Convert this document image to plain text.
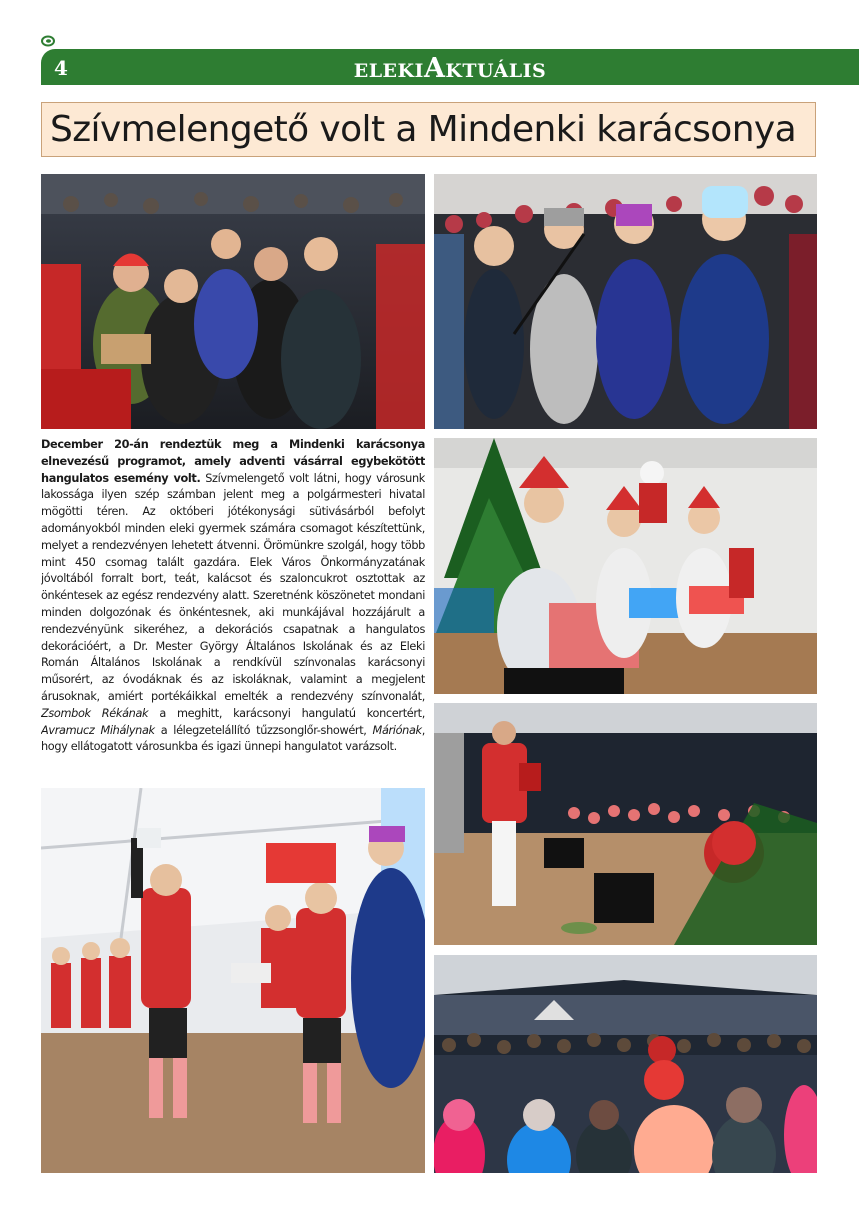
4	ELEKIAKTUÁLIS
Szívmelengető volt a Mindenki karácsonya
December 20-án rendeztük meg a Mindenki karácsonya elnevezésű programot, amely adventi vásárral egybekötött hangulatos esemény volt. Szívmelengető volt látni, hogy városunk lakossága ilyen szép számban jelent meg a polgármesteri hivatal mögötti téren. Az októberi jótékonysági sütivásárból befolyt adományokból minden eleki gyermek számára csomagot készítettünk, melyet a rendezvényen lehetett átvenni. Örömünkre szolgál, hogy több mint 450 csomag talált gazdára. Elek Város Önkormányzatának jóvoltából forralt bort, teát, kalácsot és szaloncukrot osztottak az önkéntesek az egész rendezvény alatt. Szeretnénk köszönetet mondani minden dolgozónak és önkéntesnek, aki munkájával hozzájárult a rendezvényünk sikeréhez, a dekorációs csapatnak a hangulatos dekorációért, a Dr. Mester György Általános Iskolának és az Eleki Román Általános Iskolának a rendkívül színvonalas karácsonyi műsorért, az óvodáknak és az iskoláknak, valamint a megjelent árusoknak, amiért portékáikkal emelték a rendezvény színvonalát, Zsombok Rékának a meghitt, karácsonyi hangulatú koncertért, Avramucz Mihálynak a lélegzetelállító tűzzsonglőr-showért, Máriónak, hogy ellátogatott városunkba és igazi ünnepi hangulatot varázsolt.
